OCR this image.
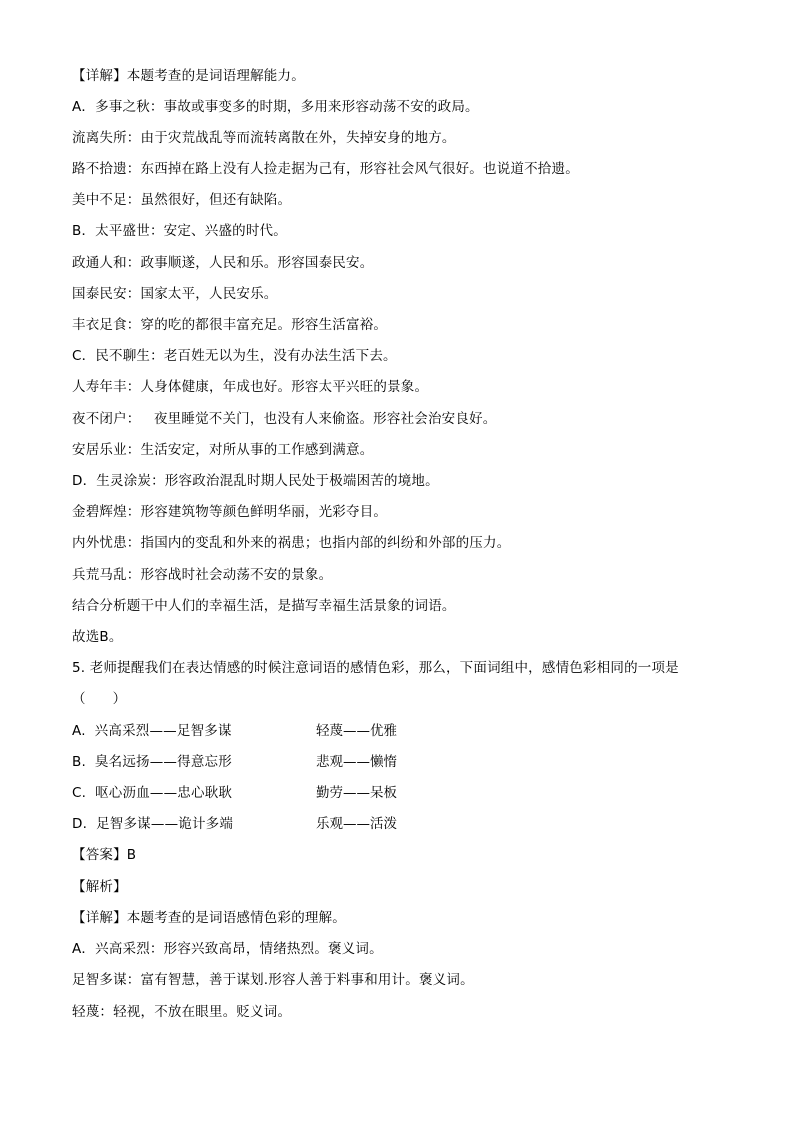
【详解】本题考查的是词语理解能力。
A．多事之秋：事故或事变多的时期，多用来形容动荡不安的政局。
流离失所：由于灾荒战乱等而流转离散在外，失掉安身的地方。
路不拾遗：东西掉在路上没有人捡走据为己有，形容社会风气很好。也说道不拾遗。
美中不足：虽然很好，但还有缺陷。
B．太平盛世：安定、兴盛的时代。
政通人和：政事顺遂，人民和乐。形容国泰民安。
国泰民安：国家太平，人民安乐。
丰衣足食：穿的吃的都很丰富充足。形容生活富裕。
C．民不聊生：老百姓无以为生，没有办法生活下去。
人寿年丰：人身体健康，年成也好。形容太平兴旺的景象。
夜不闭户：   夜里睡觉不关门，也没有人来偷盗。形容社会治安良好。
安居乐业：生活安定，对所从事的工作感到满意。
D．生灵涂炭：形容政治混乱时期人民处于极端困苦的境地。
金碧辉煌：形容建筑物等颜色鲜明华丽，光彩夺目。
内外忧患：指国内的变乱和外来的祸患；也指内部的纠纷和外部的压力。
兵荒马乱：形容战时社会动荡不安的景象。
结合分析题干中人们的幸福生活，是描写幸福生活景象的词语。
故选B。
5. 老师提醒我们在表达情感的时候注意词语的感情色彩，那么，下面词组中，感情色彩相同的一项是
（      ）
A.  兴高采烈——足智多谋	轻蔑——优雅
B.  臭名远扬——得意忘形	悲观——懒惰
C.  呕心沥血——忠心耿耿	勤劳——呆板
D.  足智多谋——诡计多端	乐观——活泼
【答案】B
【解析】
【详解】本题考查的是词语感情色彩的理解。
A．兴高采烈：形容兴致高昂，情绪热烈。褒义词。
足智多谋：富有智慧，善于谋划.形容人善于料事和用计。褒义词。
轻蔑：轻视，不放在眼里。贬义词。
